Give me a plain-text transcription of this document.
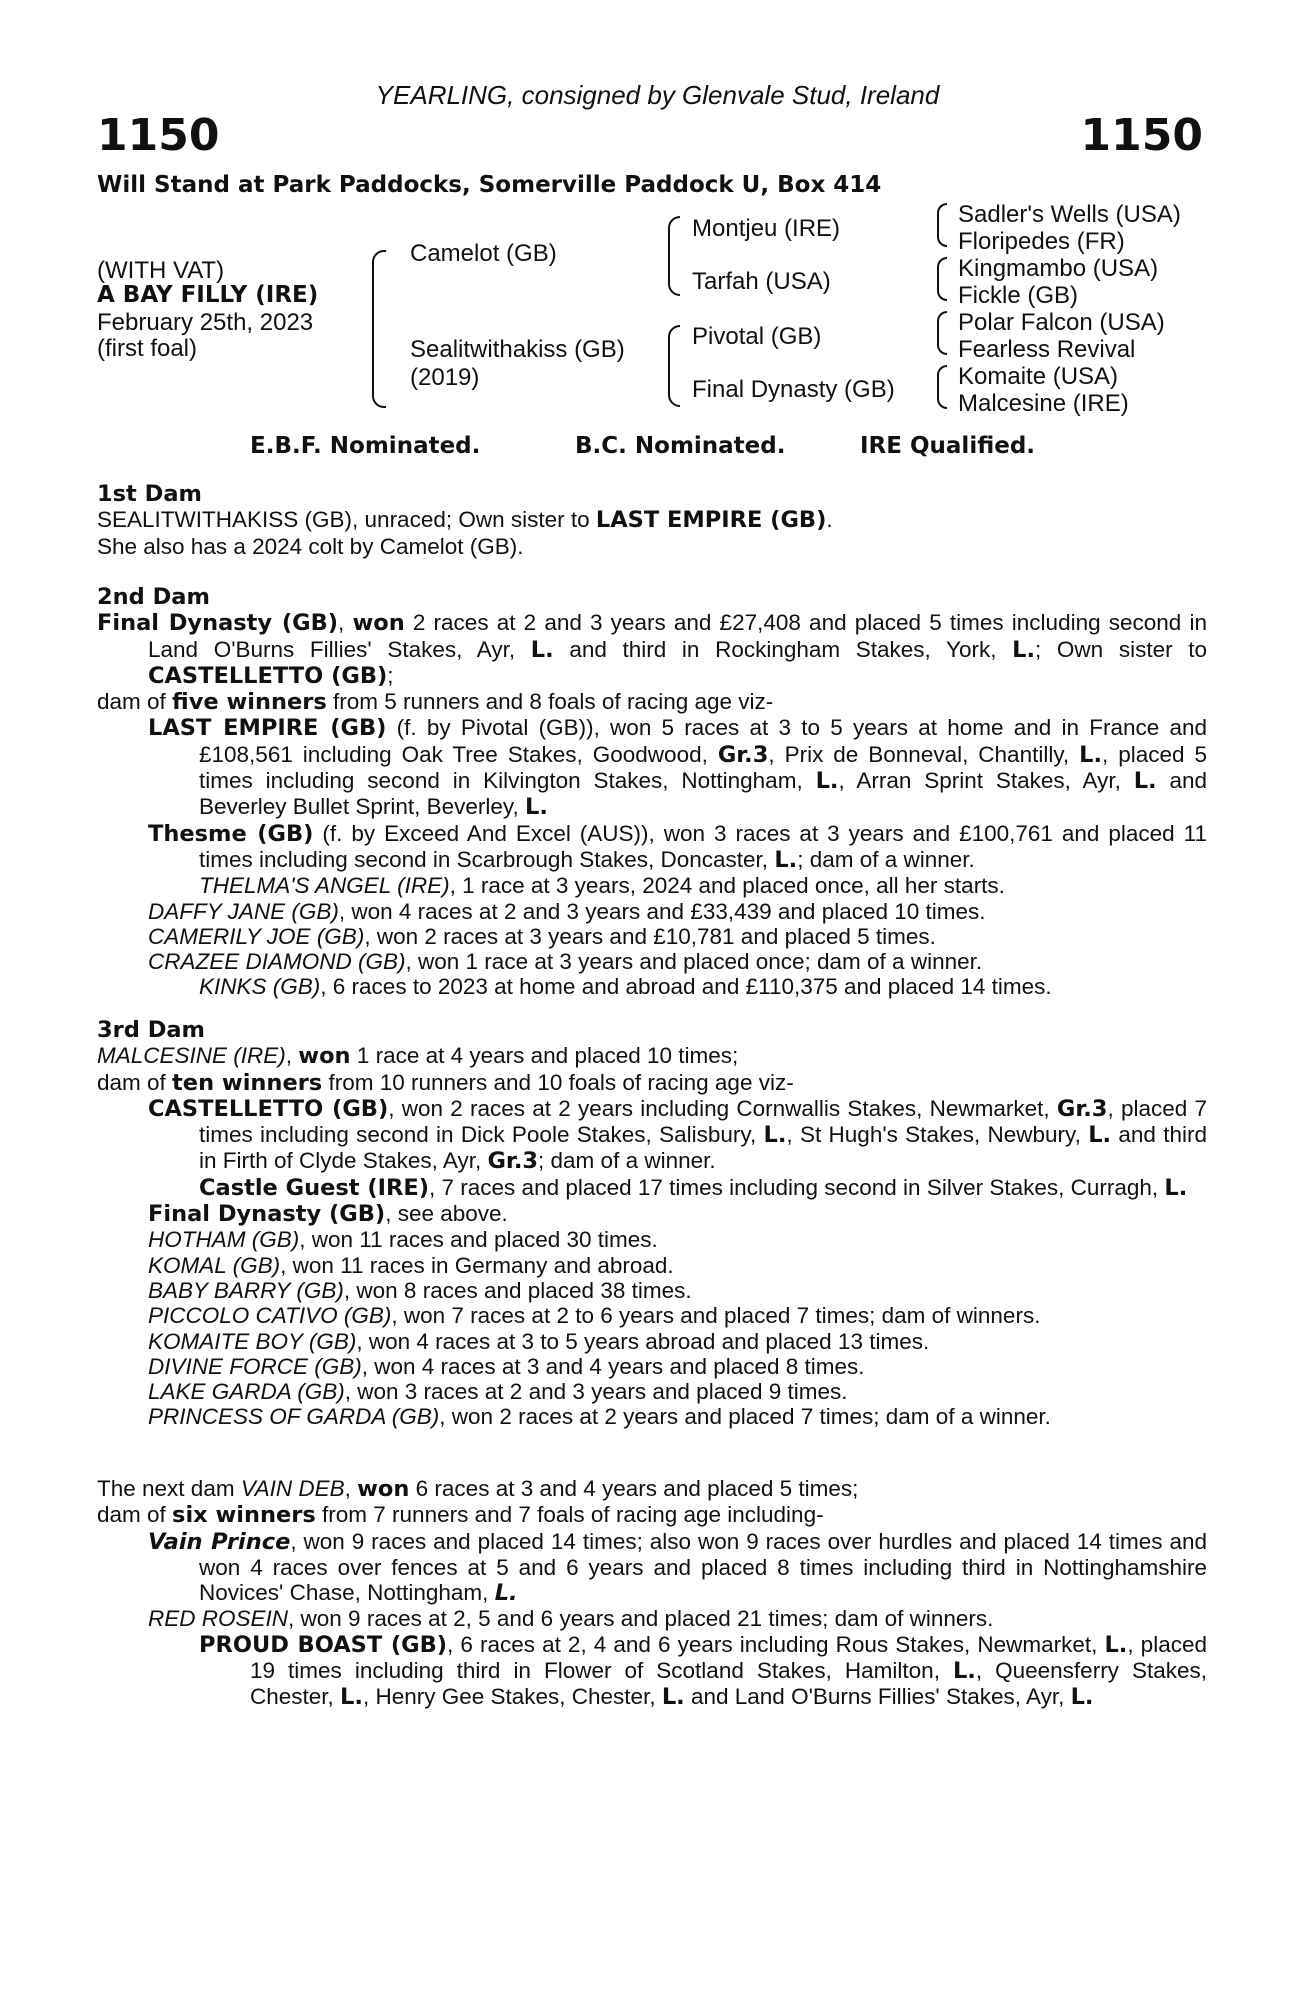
YEARLING, consigned by Glenvale Stud, Ireland
1150	1150
Will Stand at Park Paddocks, Somerville Paddock U, Box 414
(WITH VAT)
A BAY FILLY (IRE)
February 25th, 2023
(first foal)
Camelot (GB)
Sealitwithakiss (GB)
(2019)
Montjeu (IRE)
Tarfah (USA)
Pivotal (GB)
Final Dynasty (GB)
Sadler's Wells (USA)
Floripedes (FR)
Kingmambo (USA)
Fickle (GB)
Polar Falcon (USA)
Fearless Revival
Komaite (USA)
Malcesine (IRE)
E.B.F. Nominated.	B.C. Nominated.	IRE Qualified.

1st Dam

SEALITWITHAKISS (GB), unraced; Own sister to LAST EMPIRE (GB).

She also has a 2024 colt by Camelot (GB).

2nd Dam

Final Dynasty (GB), won 2 races at 2 and 3 years and £27,408 and placed 5 times including second in Land O'Burns Fillies' Stakes, Ayr, L. and third in Rockingham Stakes, York, L.; Own sister to CASTELLETTO (GB);

dam of five winners from 5 runners and 8 foals of racing age viz-

LAST EMPIRE (GB) (f. by Pivotal (GB)), won 5 races at 3 to 5 years at home and in France and £108,561 including Oak Tree Stakes, Goodwood, Gr.3, Prix de Bonneval, Chantilly, L., placed 5 times including second in Kilvington Stakes, Nottingham, L., Arran Sprint Stakes, Ayr, L. and Beverley Bullet Sprint, Beverley, L.

Thesme (GB) (f. by Exceed And Excel (AUS)), won 3 races at 3 years and £100,761 and placed 11 times including second in Scarbrough Stakes, Doncaster, L.; dam of a winner.

THELMA'S ANGEL (IRE), 1 race at 3 years, 2024 and placed once, all her starts.

DAFFY JANE (GB), won 4 races at 2 and 3 years and £33,439 and placed 10 times.

CAMERILY JOE (GB), won 2 races at 3 years and £10,781 and placed 5 times.

CRAZEE DIAMOND (GB), won 1 race at 3 years and placed once; dam of a winner.

KINKS (GB), 6 races to 2023 at home and abroad and £110,375 and placed 14 times.

3rd Dam

MALCESINE (IRE), won 1 race at 4 years and placed 10 times;

dam of ten winners from 10 runners and 10 foals of racing age viz-

CASTELLETTO (GB), won 2 races at 2 years including Cornwallis Stakes, Newmarket, Gr.3, placed 7 times including second in Dick Poole Stakes, Salisbury, L., St Hugh's Stakes, Newbury, L. and third in Firth of Clyde Stakes, Ayr, Gr.3; dam of a winner.

Castle Guest (IRE), 7 races and placed 17 times including second in Silver Stakes, Curragh, L.

Final Dynasty (GB), see above.

HOTHAM (GB), won 11 races and placed 30 times.

KOMAL (GB), won 11 races in Germany and abroad.

BABY BARRY (GB), won 8 races and placed 38 times.

PICCOLO CATIVO (GB), won 7 races at 2 to 6 years and placed 7 times; dam of winners.

KOMAITE BOY (GB), won 4 races at 3 to 5 years abroad and placed 13 times.

DIVINE FORCE (GB), won 4 races at 3 and 4 years and placed 8 times.

LAKE GARDA (GB), won 3 races at 2 and 3 years and placed 9 times.

PRINCESS OF GARDA (GB), won 2 races at 2 years and placed 7 times; dam of a winner.

The next dam VAIN DEB, won 6 races at 3 and 4 years and placed 5 times;

dam of six winners from 7 runners and 7 foals of racing age including-

Vain Prince, won 9 races and placed 14 times; also won 9 races over hurdles and placed 14 times and won 4 races over fences at 5 and 6 years and placed 8 times including third in Nottinghamshire Novices' Chase, Nottingham, L.

RED ROSEIN, won 9 races at 2, 5 and 6 years and placed 21 times; dam of winners.

PROUD BOAST (GB), 6 races at 2, 4 and 6 years including Rous Stakes, Newmarket, L., placed 19 times including third in Flower of Scotland Stakes, Hamilton, L., Queensferry Stakes, Chester, L., Henry Gee Stakes, Chester, L. and Land O'Burns Fillies' Stakes, Ayr, L.
